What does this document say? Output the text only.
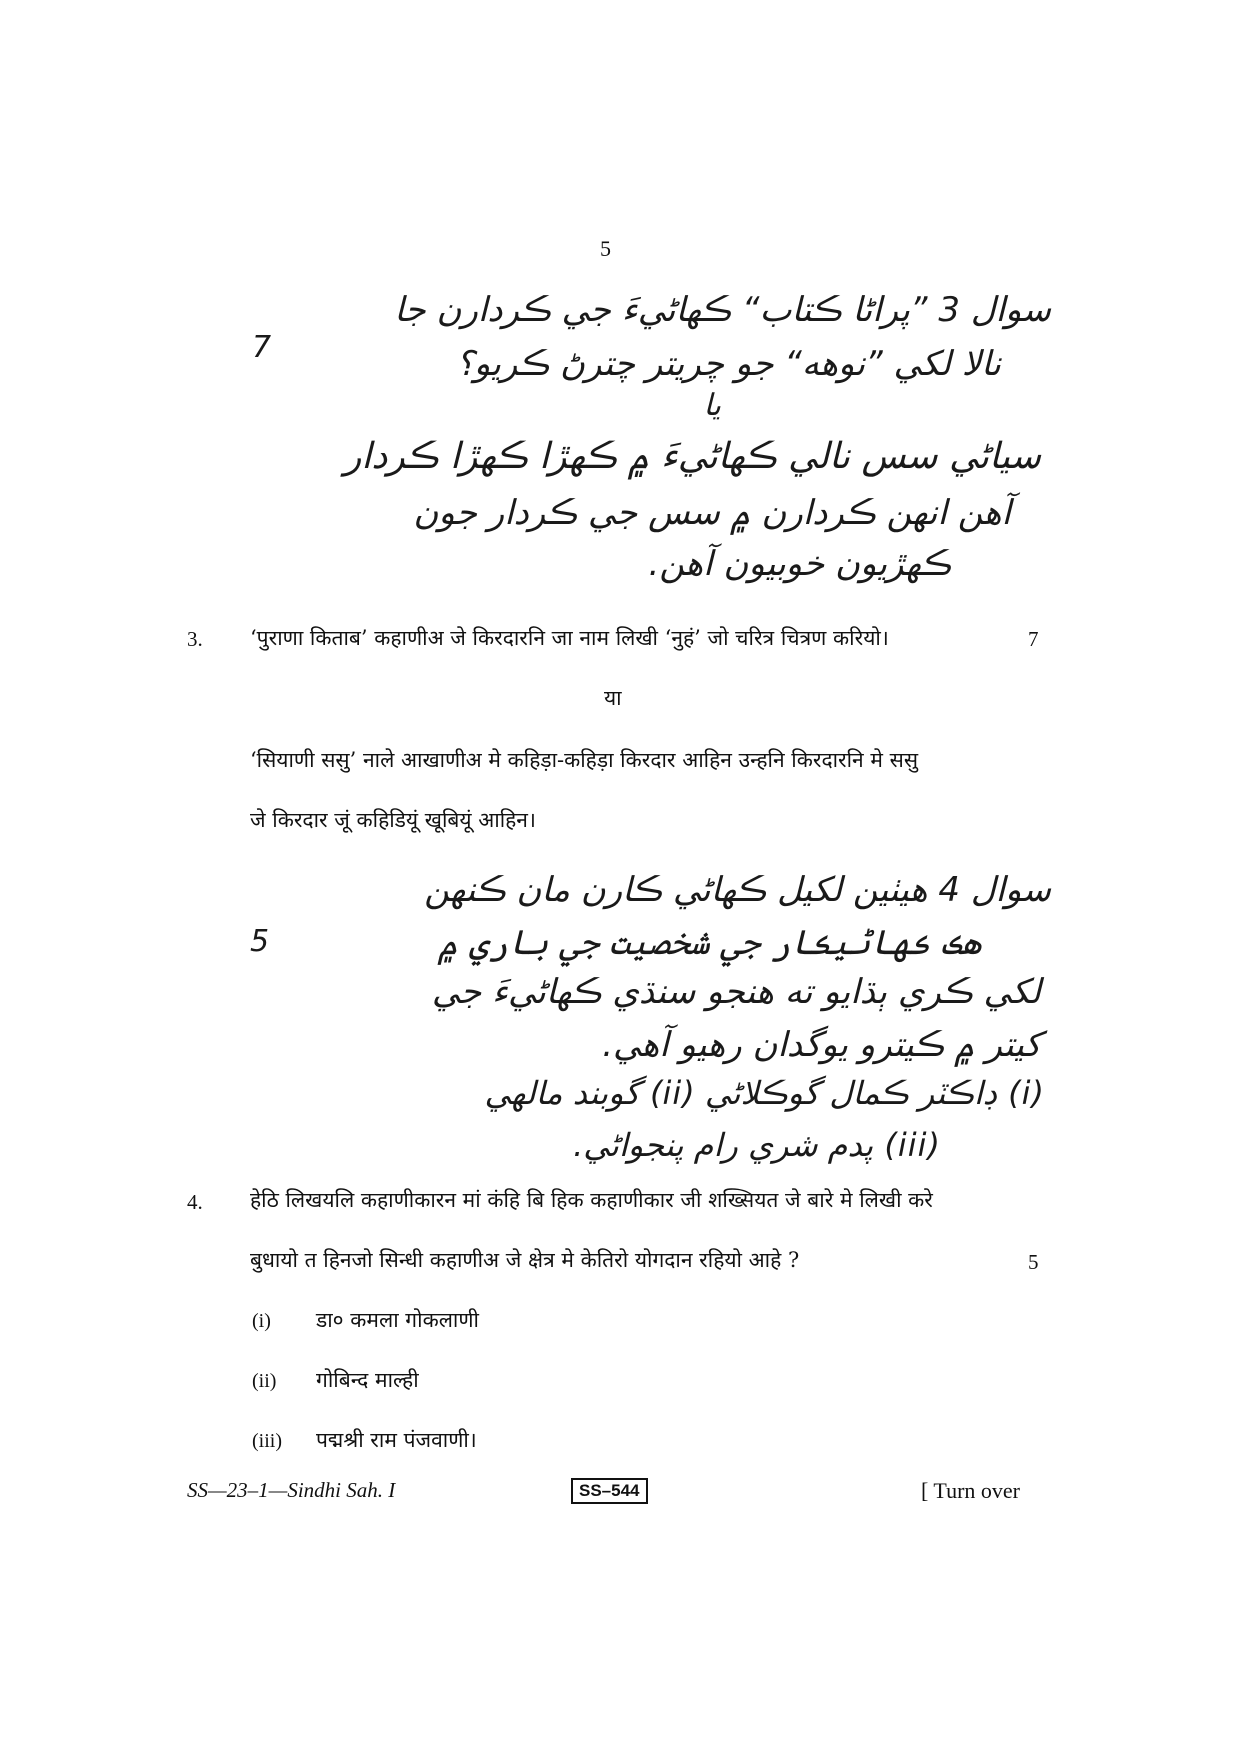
5
7
سوال 3 ”پراڻا ڪتاب“ ڪهاڻيءَ جي ڪردارن جا
نالا لکي ”نوهه“ جو چريتر چترڻ ڪريو؟
يا
سياڻي سس نالي ڪهاڻيءَ ۾ ڪهڙا ڪهڙا ڪردار
آهن انهن ڪردارن ۾ سس جي ڪردار جون
ڪهڙيون خوبيون آهن.
3. ‘पुराणा किताब’ कहाणीअ जे किरदारनि जा नाम लिखी ‘नुहं’ जो चरित्र चित्रण करियो।	7
या
‘सियाणी ससु’ नाले आखाणीअ मे कहिड़ा-कहिड़ा किरदार आहिन उन्हनि किरदारनि मे ससु
जे किरदार जूं कहिडियूं खूबियूं आहिन।
5
سوال 4 هيٺين لکيل ڪهاڻي ڪارن مان ڪنهن
هڪ ڪهاڻيڪار جي شخصيت جي باري ۾
لکي ڪري ٻڌايو ته هنجو سنڌي ڪهاڻيءَ جي
کيتر ۾ ڪيترو يوگدان رهيو آهي.
(i) ڊاڪٽر ڪمال گوڪلاڻي (ii) گوبند مالهي
(iii) پدم شري رام پنجواڻي.
4. हेठि लिखयलि कहाणीकारन मां कंहि बि हिक कहाणीकार जी शख्सियत जे बारे मे लिखी करे
बुधायो त हिनजो सिन्धी कहाणीअ जे क्षेत्र मे केतिरो योगदान रहियो आहे ?	5
(i) डा० कमला गोकलाणी
(ii) गोबिन्द माल्ही
(iii) पद्मश्री राम पंजवाणी।
SS—23–1—Sindhi Sah. I	SS–544	[ Turn over
